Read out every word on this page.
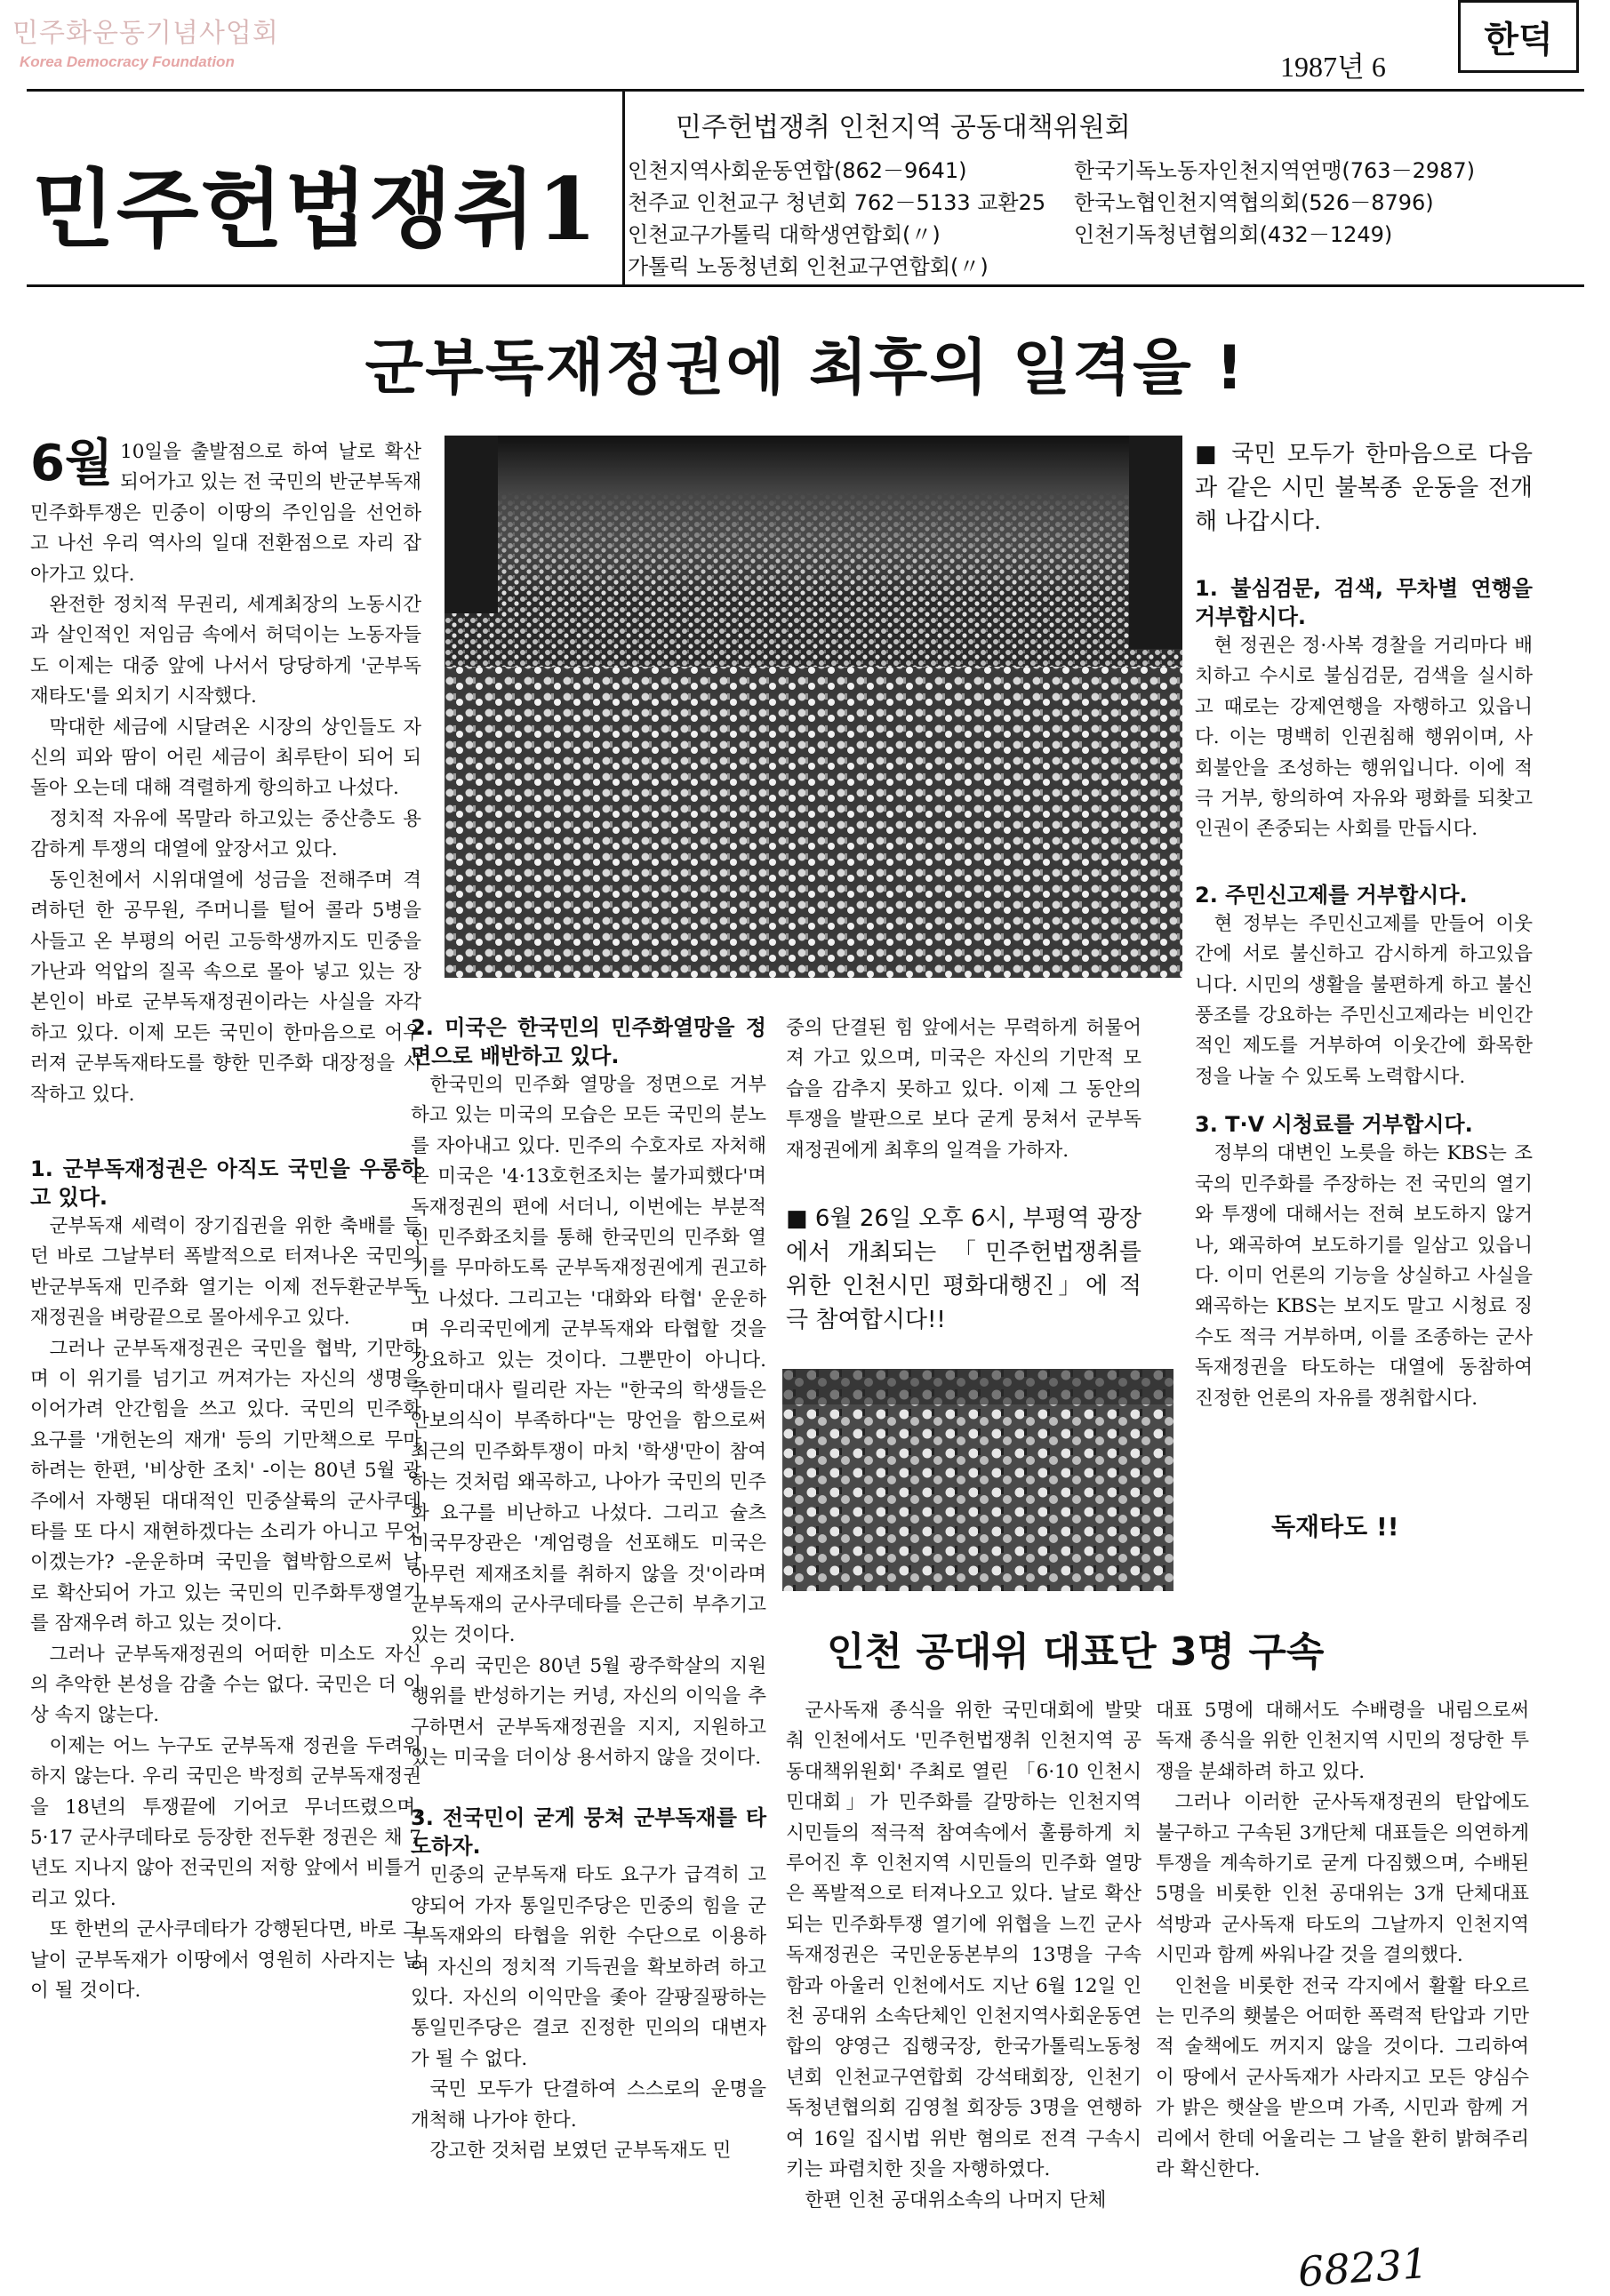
민주화운동기념사업회
Korea Democracy Foundation	1987년 6
한덕
민주헌법쟁취1
민주헌법쟁취 인천지역 공동대책위원회
인천지역사회운동연합(862－9641)
천주교 인천교구 청년회 762－5133 교환25
인천교구가톨릭 대학생연합회(〃)
가톨릭 노동청년회 인천교구연합회(〃)
한국기독노동자인천지역연맹(763－2987)
한국노협인천지역협의회(526－8796)
인천기독청년협의회(432－1249)
군부독재정권에 최후의 일격을 !

6월 10일을 출발점으로 하여 날로 확산되어가고 있는 전 국민의 반군부독재 민주화투쟁은 민중이 이땅의 주인임을 선언하고 나선 우리 역사의 일대 전환점으로 자리 잡아가고 있다.

완전한 정치적 무권리, 세계최장의 노동시간과 살인적인 저임금 속에서 허덕이는 노동자들도 이제는 대중 앞에 나서서 당당하게 '군부독재타도'를 외치기 시작했다.

막대한 세금에 시달려온 시장의 상인들도 자신의 피와 땀이 어린 세금이 최루탄이 되어 되돌아 오는데 대해 격렬하게 항의하고 나섰다.

정치적 자유에 목말라 하고있는 중산층도 용감하게 투쟁의 대열에 앞장서고 있다.

동인천에서 시위대열에 성금을 전해주며 격려하던 한 공무원, 주머니를 털어 콜라 5병을 사들고 온 부평의 어린 고등학생까지도 민중을 가난과 억압의 질곡 속으로 몰아 넣고 있는 장본인이 바로 군부독재정권이라는 사실을 자각하고 있다. 이제 모든 국민이 한마음으로 어우러져 군부독재타도를 향한 민주화 대장정을 시작하고 있다.

1. 군부독재정권은 아직도 국민을 우롱하고 있다.

군부독재 세력이 장기집권을 위한 축배를 들던 바로 그날부터 폭발적으로 터져나온 국민의 반군부독재 민주화 열기는 이제 전두환군부독재정권을 벼랑끝으로 몰아세우고 있다.

그러나 군부독재정권은 국민을 협박, 기만하며 이 위기를 넘기고 꺼져가는 자신의 생명을 이어가려 안간힘을 쓰고 있다. 국민의 민주화 요구를 '개헌논의 재개' 등의 기만책으로 무마하려는 한편, '비상한 조치' -이는 80년 5월 광주에서 자행된 대대적인 민중살륙의 군사쿠데타를 또 다시 재현하겠다는 소리가 아니고 무엇이겠는가? -운운하며 국민을 협박함으로써 날로 확산되어 가고 있는 국민의 민주화투쟁열기를 잠재우려 하고 있는 것이다.

그러나 군부독재정권의 어떠한 미소도 자신의 추악한 본성을 감출 수는 없다. 국민은 더 이상 속지 않는다.

이제는 어느 누구도 군부독재 정권을 두려워 하지 않는다. 우리 국민은 박정희 군부독재정권을 18년의 투쟁끝에 기어코 무너뜨렸으며, 5·17 군사쿠데타로 등장한 전두환 정권은 채 7년도 지나지 않아 전국민의 저항 앞에서 비틀거리고 있다.

또 한번의 군사쿠데타가 강행된다면, 바로 그날이 군부독재가 이땅에서 영원히 사라지는 날이 될 것이다.

2. 미국은 한국민의 민주화열망을 정면으로 배반하고 있다.

한국민의 민주화 열망을 정면으로 거부하고 있는 미국의 모습은 모든 국민의 분노를 자아내고 있다. 민주의 수호자로 자처해 온 미국은 '4·13호헌조치는 불가피했다'며 독재정권의 편에 서더니, 이번에는 부분적인 민주화조치를 통해 한국민의 민주화 열기를 무마하도록 군부독재정권에게 권고하고 나섰다. 그리고는 '대화와 타협' 운운하며 우리국민에게 군부독재와 타협할 것을 강요하고 있는 것이다. 그뿐만이 아니다. 주한미대사 릴리란 자는 "한국의 학생들은 안보의식이 부족하다"는 망언을 함으로써 최근의 민주화투쟁이 마치 '학생'만이 참여하는 것처럼 왜곡하고, 나아가 국민의 민주화 요구를 비난하고 나섰다. 그리고 슐츠 미국무장관은 '계엄령을 선포해도 미국은 아무런 제재조치를 취하지 않을 것'이라며 군부독재의 군사쿠데타를 은근히 부추기고 있는 것이다.

우리 국민은 80년 5월 광주학살의 지원행위를 반성하기는 커녕, 자신의 이익을 추구하면서 군부독재정권을 지지, 지원하고 있는 미국을 더이상 용서하지 않을 것이다.

3. 전국민이 굳게 뭉쳐 군부독재를 타도하자.

민중의 군부독재 타도 요구가 급격히 고양되어 가자 통일민주당은 민중의 힘을 군부독재와의 타협을 위한 수단으로 이용하여 자신의 정치적 기득권을 확보하려 하고 있다. 자신의 이익만을 좇아 갈팡질팡하는 통일민주당은 결코 진정한 민의의 대변자가 될 수 없다.

국민 모두가 단결하여 스스로의 운명을 개척해 나가야 한다.

강고한 것처럼 보였던 군부독재도 민

중의 단결된 힘 앞에서는 무력하게 허물어져 가고 있으며, 미국은 자신의 기만적 모습을 감추지 못하고 있다. 이제 그 동안의 투쟁을 발판으로 보다 굳게 뭉쳐서 군부독재정권에게 최후의 일격을 가하자.

■ 6월 26일 오후 6시, 부평역 광장에서 개최되는 「민주헌법쟁취를 위한 인천시민 평화대행진」에 적극 참여합시다!!
■ 국민 모두가 한마음으로 다음과 같은 시민 불복종 운동을 전개해 나갑시다.
1. 불심검문, 검색, 무차별 연행을 거부합시다.

현 정권은 정·사복 경찰을 거리마다 배치하고 수시로 불심검문, 검색을 실시하고 때로는 강제연행을 자행하고 있읍니다. 이는 명백히 인권침해 행위이며, 사회불안을 조성하는 행위입니다. 이에 적극 거부, 항의하여 자유와 평화를 되찾고 인권이 존중되는 사회를 만듭시다.

2. 주민신고제를 거부합시다.

현 정부는 주민신고제를 만들어 이웃간에 서로 불신하고 감시하게 하고있읍니다. 시민의 생활을 불편하게 하고 불신풍조를 강요하는 주민신고제라는 비인간적인 제도를 거부하여 이웃간에 화목한 정을 나눌 수 있도록 노력합시다.

3. T·V 시청료를 거부합시다.

정부의 대변인 노릇을 하는 KBS는 조국의 민주화를 주장하는 전 국민의 열기와 투쟁에 대해서는 전혀 보도하지 않거나, 왜곡하여 보도하기를 일삼고 있읍니다. 이미 언론의 기능을 상실하고 사실을 왜곡하는 KBS는 보지도 말고 시청료 징수도 적극 거부하며, 이를 조종하는 군사독재정권을 타도하는 대열에 동참하여 진정한 언론의 자유를 쟁취합시다.

독재타도 !!
인천 공대위 대표단 3명 구속

군사독재 종식을 위한 국민대회에 발맞춰 인천에서도 '민주헌법쟁취 인천지역 공동대책위원회' 주최로 열린 「6·10 인천시민대회」가 민주화를 갈망하는 인천지역 시민들의 적극적 참여속에서 훌륭하게 치루어진 후 인천지역 시민들의 민주화 열망은 폭발적으로 터져나오고 있다. 날로 확산되는 민주화투쟁 열기에 위협을 느낀 군사독재정권은 국민운동본부의 13명을 구속함과 아울러 인천에서도 지난 6월 12일 인천 공대위 소속단체인 인천지역사회운동연합의 양영근 집행국장, 한국가톨릭노동청년회 인천교구연합회 강석태회장, 인천기독청년협의회 김영철 회장등 3명을 연행하여 16일 집시법 위반 혐의로 전격 구속시키는 파렴치한 짓을 자행하였다.

한편 인천 공대위소속의 나머지 단체

대표 5명에 대해서도 수배령을 내림으로써 독재 종식을 위한 인천지역 시민의 정당한 투쟁을 분쇄하려 하고 있다.

그러나 이러한 군사독재정권의 탄압에도 불구하고 구속된 3개단체 대표들은 의연하게 투쟁을 계속하기로 굳게 다짐했으며, 수배된 5명을 비롯한 인천 공대위는 3개 단체대표 석방과 군사독재 타도의 그날까지 인천지역 시민과 함께 싸워나갈 것을 결의했다.

인천을 비롯한 전국 각지에서 활활 타오르는 민주의 횃불은 어떠한 폭력적 탄압과 기만적 술책에도 꺼지지 않을 것이다. 그리하여 이 땅에서 군사독재가 사라지고 모든 양심수가 밝은 햇살을 받으며 가족, 시민과 함께 거리에서 한데 어울리는 그 날을 환히 밝혀주리라 확신한다.

68231
